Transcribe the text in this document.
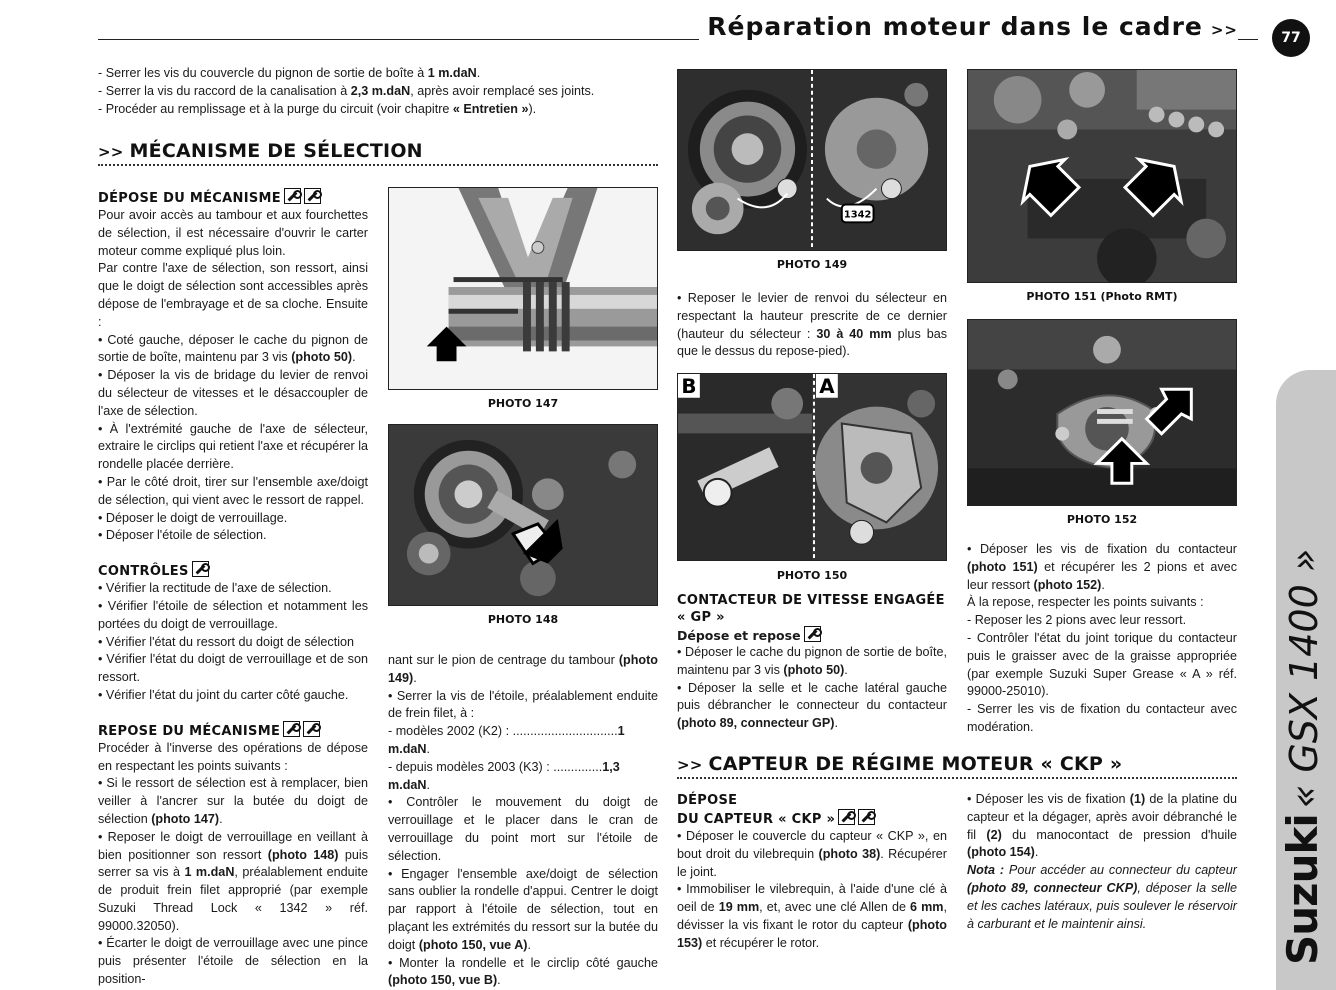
Réparation moteur dans le cadre >>	77
Suzuki« GSX 1400 »

- Serrer les vis du couvercle du pignon de sortie de boîte à 1 m.daN.

- Serrer la vis du raccord de la canalisation à 2,3 m.daN, après avoir remplacé ses joints.

- Procéder au remplissage et à la purge du circuit (voir chapitre « Entretien »).

>> MÉCANISME DE SÉLECTION
DÉPOSE DU MÉCANISME

Pour avoir accès au tambour et aux fourchettes de sélection, il est nécessaire d'ouvrir le carter moteur comme expliqué plus loin.

Par contre l'axe de sélection, son ressort, ainsi que le doigt de sélection sont accessibles après dépose de l'embrayage et de sa cloche. Ensuite :

• Coté gauche, déposer le cache du pignon de sortie de boîte, maintenu par 3 vis (photo 50).

• Déposer la vis de bridage du levier de renvoi du sélecteur de vitesses et le désaccoupler de l'axe de sélection.

• À l'extrémité gauche de l'axe de sélecteur, extraire le circlips qui retient l'axe et récupérer la rondelle placée derrière.

• Par le côté droit, tirer sur l'ensemble axe/doigt de sélection, qui vient avec le ressort de rappel.

• Déposer le doigt de verrouillage.

• Déposer l'étoile de sélection.

CONTRÔLES

• Vérifier la rectitude de l'axe de sélection.

• Vérifier l'étoile de sélection et notamment les portées du doigt de verrouillage.

• Vérifier l'état du ressort du doigt de sélection

• Vérifier l'état du doigt de verrouillage et de son ressort.

• Vérifier l'état du joint du carter côté gauche.

REPOSE DU MÉCANISME

Procéder à l'inverse des opérations de dépose en respectant les points suivants :

• Si le ressort de sélection est à remplacer, bien veiller à l'ancrer sur la butée du doigt de sélection (photo 147).

• Reposer le doigt de verrouillage en veillant à bien positionner son ressort (photo 148) puis serrer sa vis à 1 m.daN, préalablement enduite de produit frein filet approprié (par exemple Suzuki Thread Lock « 1342 » réf. 99000.32050).

• Écarter le doigt de verrouillage avec une pince puis présenter l'étoile de sélection en la position-

PHOTO 147
PHOTO 148

nant sur le pion de centrage du tambour (photo 149).

• Serrer la vis de l'étoile, préalablement enduite de frein filet, à :

- modèles 2002 (K2) : ..............................1 m.daN.

- depuis modèles 2003 (K3) : ..............1,3 m.daN.

• Contrôler le mouvement du doigt de verrouillage et le placer dans le cran de verrouillage du point mort sur l'étoile de sélection.

• Engager l'ensemble axe/doigt de sélection sans oublier la rondelle d'appui. Centrer le doigt par rapport à l'étoile de sélection, tout en plaçant les extrémités du ressort sur la butée du doigt (photo 150, vue A).

• Monter la rondelle et le circlip côté gauche (photo 150, vue B).

1342
PHOTO 149

• Reposer le levier de renvoi du sélecteur en respectant la hauteur prescrite de ce dernier (hauteur du sélecteur : 30 à 40 mm plus bas que le dessus du repose-pied).

B	A
PHOTO 150
CONTACTEUR DE VITESSE ENGAGÉE « GP »
Dépose et repose

• Déposer le cache du pignon de sortie de boîte, maintenu par 3 vis (photo 50).

• Déposer la selle et le cache latéral gauche puis débrancher le connecteur du contacteur (photo 89, connecteur GP).

PHOTO 151 (Photo RMT)
PHOTO 152

• Déposer les vis de fixation du contacteur (photo 151) et récupérer les 2 pions et avec leur ressort (photo 152).

À la repose, respecter les points suivants :

- Reposer les 2 pions avec leur ressort.

- Contrôler l'état du joint torique du contacteur puis le graisser avec de la graisse appropriée (par exemple Suzuki Super Grease « A » réf. 99000-25010).

- Serrer les vis de fixation du contacteur avec modération.

>> CAPTEUR DE RÉGIME MOTEUR « CKP »
DÉPOSE
DU CAPTEUR « CKP »

• Déposer le couvercle du capteur « CKP », en bout droit du vilebrequin (photo 38). Récupérer le joint.

• Immobiliser le vilebrequin, à l'aide d'une clé à oeil de 19 mm, et, avec une clé Allen de 6 mm, dévisser la vis fixant le rotor du capteur (photo 153) et récupérer le rotor.

• Déposer les vis de fixation (1) de la platine du capteur et la dégager, après avoir débranché le fil (2) du manocontact de pression d'huile (photo 154).

Nota : Pour accéder au connecteur du capteur (photo 89, connecteur CKP), déposer la selle et les caches latéraux, puis soulever le réservoir à carburant et le maintenir ainsi.
